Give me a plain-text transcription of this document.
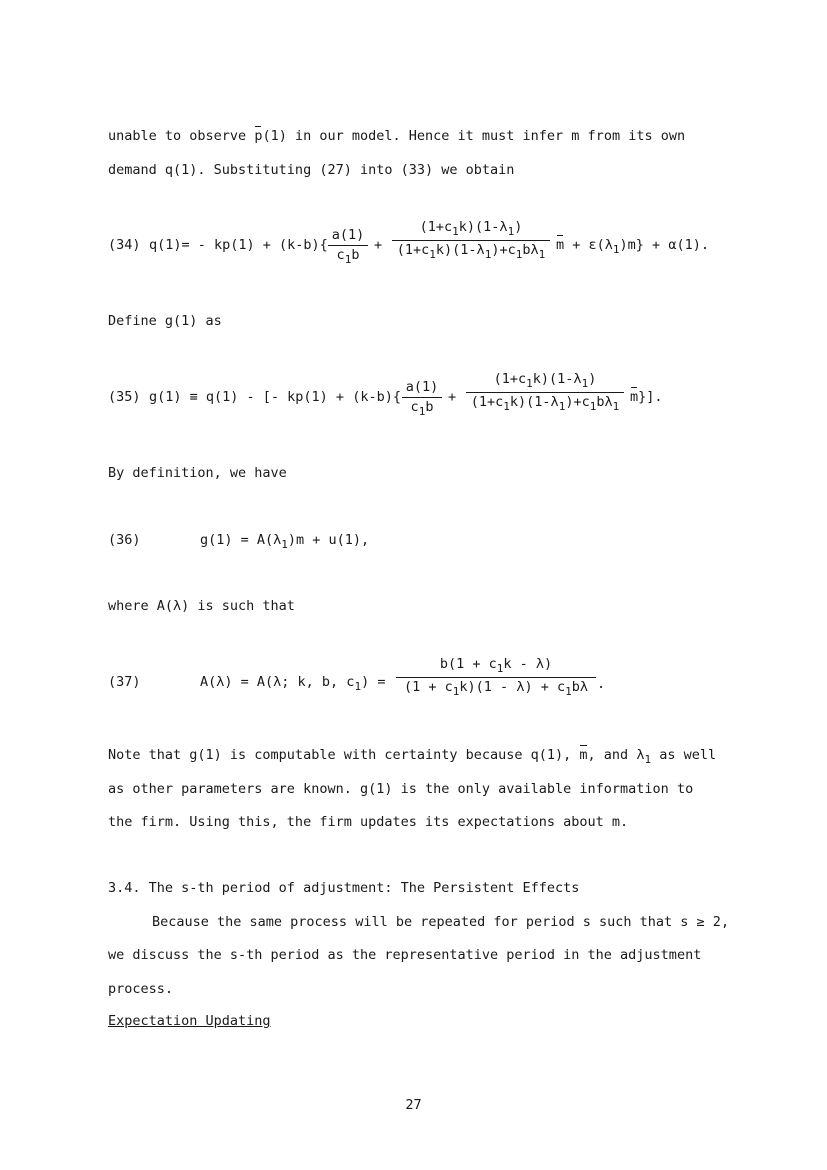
unable to observe p(1) in our model. Hence it must infer m from its own
demand q(1). Substituting (27) into (33) we obtain
(34) q(1)= - kp(1) + (k-b){
a(1)
$c_1b$
+
$(1+c_1k)(1-\lambda_1)$
$(1+c_1k)(1-\lambda_1)+c_1b\lambda_1$
$m + \varepsilon(\lambda_1)m\} + \alpha(1)$.
Define g(1) as
(35) g(1) ≡ q(1) - [- kp(1) + (k-b){
a(1)
$c_1b$
+
$(1+c_1k)(1-\lambda_1)$
$(1+c_1k)(1-\lambda_1)+c_1b\lambda_1$
m}].
By definition, we have
(36)	$g(1) = A(\lambda_1)m + u(1)$,
where A(λ) is such that
(37)	A(λ) = A(λ; k, b, $c_1$) =
$b(1 + c_1k - \lambda)$
$(1 + c_1k)(1 - \lambda) + c_1b\lambda$ .
Note that g(1) is computable with certainty because q(1), m, and $\lambda_1$ as well
as other parameters are known. g(1) is the only available information to
the firm. Using this, the firm updates its expectations about m.
3.4. The s-th period of adjustment: The Persistent Effects
Because the same process will be repeated for period s such that s ≥ 2,
we discuss the s-th period as the representative period in the adjustment
process.
Expectation Updating
27
